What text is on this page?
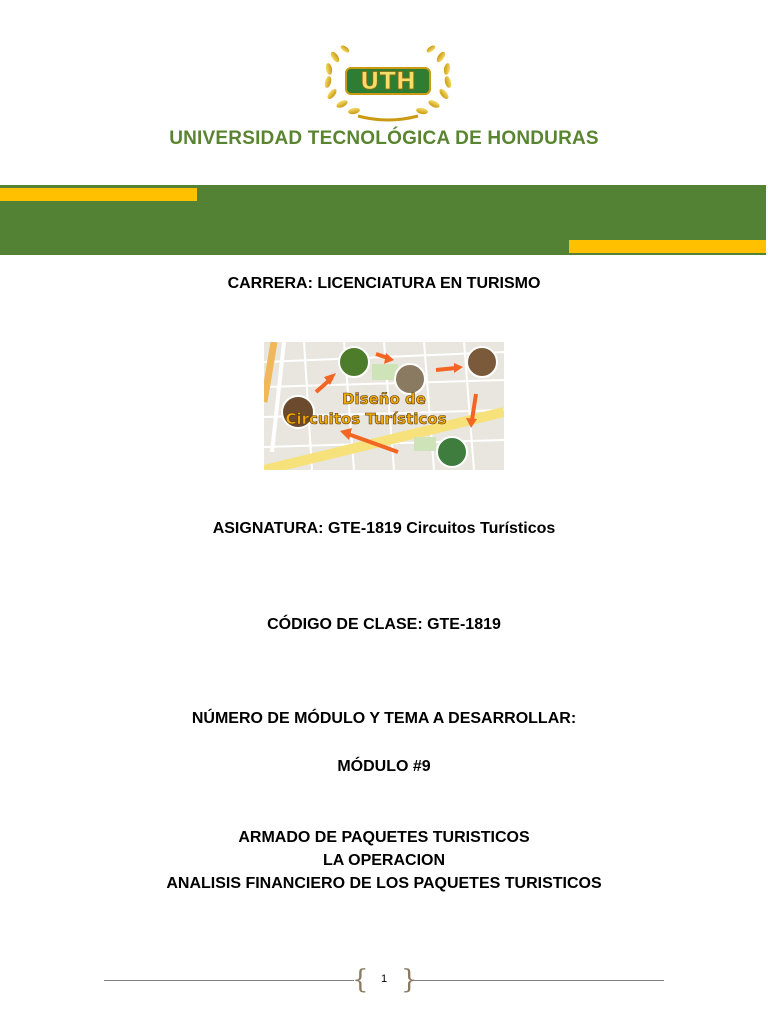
UTH
UNIVERSIDAD TECNOLÓGICA DE HONDURAS
CARRERA: LICENCIATURA EN TURISMO
Diseño de
Circuitos Turísticos
ASIGNATURA: GTE-1819 Circuitos Turísticos
CÓDIGO DE CLASE: GTE-1819
NÚMERO DE MÓDULO Y TEMA A DESARROLLAR:
MÓDULO #9
ARMADO DE PAQUETES TURISTICOS
LA OPERACION
ANALISIS FINANCIERO DE LOS PAQUETES TURISTICOS
{ }
1
